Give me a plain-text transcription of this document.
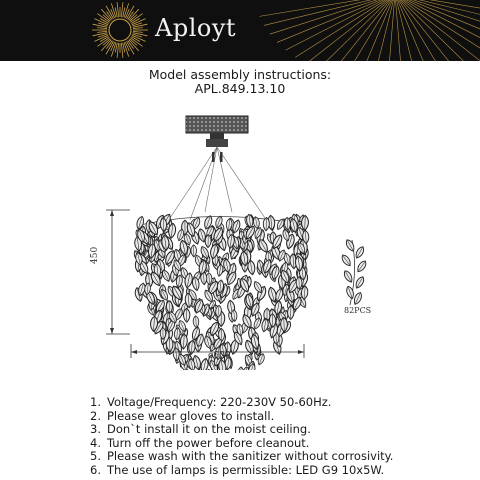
Aployt
Model assembly instructions:
APL.849.13.10
450
ø600
82PCS
1. Voltage/Frequency: 220-230V 50-60Hz.
2. Please wear gloves to install.
3. Don`t install it on the moist ceiling.
4. Turn off the power before cleanout.
5. Please wash with the sanitizer without corrosivity.
6. The use of lamps is permissible: LED G9 10x5W.
